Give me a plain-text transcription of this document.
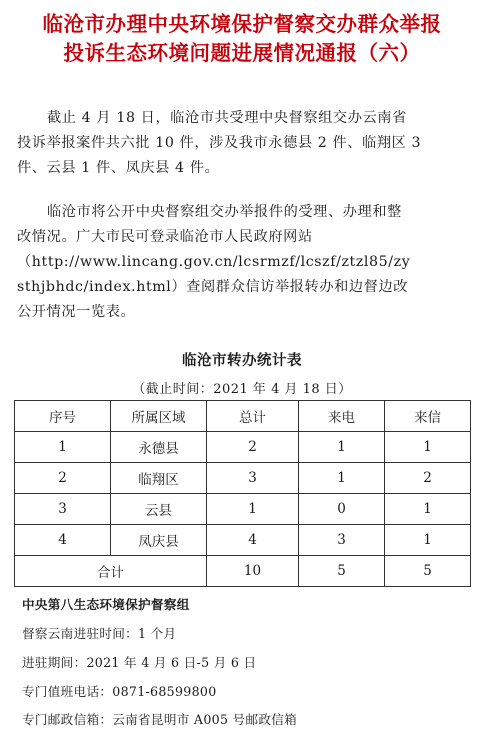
临沧市办理中央环境保护督察交办群众举报
投诉生态环境问题进展情况通报（六）
截止 4 月 18 日，临沧市共受理中央督察组交办云南省
投诉举报案件共六批 10 件，涉及我市永德县 2 件、临翔区 3
件、云县 1 件、凤庆县 4 件。
临沧市将公开中央督察组交办举报件的受理、办理和整
改情况。广大市民可登录临沧市人民政府网站
（http://www.lincang.gov.cn/lcsrmzf/lcszf/ztzl85/zy
sthjbhdc/index.html）查阅群众信访举报转办和边督边改
公开情况一览表。
临沧市转办统计表
（截止时间：2021 年 4 月 18 日）
序号	所属区域	总计	来电	来信
1	永德县	2	1	1
2	临翔区	3	1	2
3	云县	1	0	1
4	凤庆县	4	3	1
合计		10	5	5
中央第八生态环境保护督察组
督察云南进驻时间：1 个月
进驻期间：2021 年 4 月 6 日-5 月 6 日
专门值班电话：0871-68599800
专门邮政信箱：云南省昆明市 A005 号邮政信箱
